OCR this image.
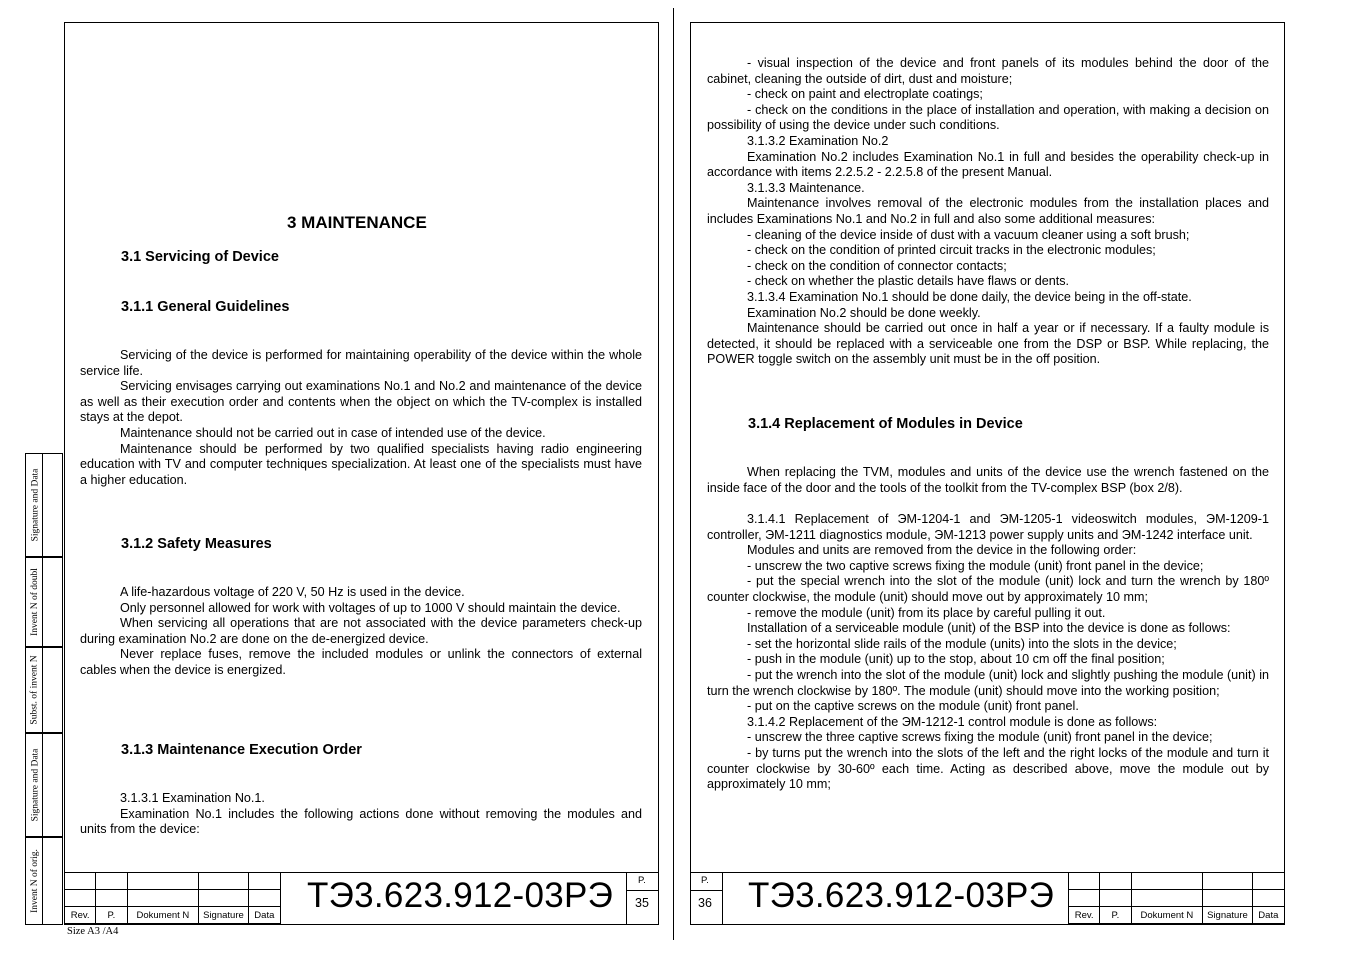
Signature and Data
Invent N of doubl
Subst. of invent N
Signature and Data
Invent N of orig.
3 MAINTENANCE
3.1 Servicing of Device
3.1.1 General Guidelines

Servicing of the device is performed for maintaining operability of the device within the whole service life.

Servicing envisages carrying out examinations No.1 and No.2 and maintenance of the device as well as their execution order and contents when the object on which the TV-complex is installed stays at the depot.

Maintenance should not be carried out in case of intended use of the device.

Maintenance should be performed by two qualified specialists having radio engineering education with TV and computer techniques specialization. At least one of the specialists must have a higher education.

3.1.2 Safety Measures

A life-hazardous voltage of 220 V, 50 Hz is used in the device.

Only personnel allowed for work with voltages of up to 1000 V should maintain the device.

When servicing all operations that are not associated with the device parameters check-up during examination No.2 are done on the de-energized device.

Never replace fuses, remove the included modules or unlink the connectors of external cables when the device is energized.

3.1.3 Maintenance Execution Order

3.1.3.1 Examination No.1.

Examination No.1 includes the following actions done without removing the modules and units from the device:

Rev.	P.	Dokument N	Signature	Data ТЭ3.623.912-03РЭ	P.
35

- visual inspection of the device and front panels of its modules behind the door of the cabinet, cleaning the outside of dirt, dust and moisture;

- check on paint and electroplate coatings;

- check on the conditions in the place of installation and operation, with making a decision on possibility of using the device under such conditions.

3.1.3.2 Examination No.2

Examination No.2 includes Examination No.1 in full and besides the operability check-up in accordance with items 2.2.5.2 - 2.2.5.8 of the present Manual.

3.1.3.3 Maintenance.

Maintenance involves removal of the electronic modules from the installation places and includes Examinations No.1 and No.2 in full and also some additional measures:

- cleaning of the device inside of dust with a vacuum cleaner using a soft brush;

- check on the condition of printed circuit tracks in the electronic modules;

- check on the condition of connector contacts;

- check on whether the plastic details have flaws or dents.

3.1.3.4 Examination No.1 should be done daily, the device being in the off-state.

Examination No.2 should be done weekly.

Maintenance should be carried out once in half a year or if necessary. If a faulty module is detected, it should be replaced with a serviceable one from the DSP or BSP. While replacing, the POWER toggle switch on the assembly unit must be in the off position.

3.1.4 Replacement of Modules in Device

When replacing the TVM, modules and units of the device use the wrench fastened on the inside face of the door and the tools of the toolkit from the TV-complex BSP (box 2/8).

3.1.4.1 Replacement of ЭМ-1204-1 and ЭМ-1205-1 videoswitch modules, ЭМ-1209-1 controller, ЭМ-1211 diagnostics module, ЭМ-1213 power supply units and ЭМ-1242 interface unit.

Modules and units are removed from the device in the following order:

- unscrew the two captive screws fixing the module (unit) front panel in the device;

- put the special wrench into the slot of the module (unit) lock and turn the wrench by 180º counter clockwise, the module (unit) should move out by approximately 10 mm;

- remove the module (unit) from its place by careful pulling it out.

Installation of a serviceable module (unit) of the BSP into the device is done as follows:

- set the horizontal slide rails of the module (units) into the slots in the device;

- push in the module (unit) up to the stop, about 10 cm off the final position;

- put the wrench into the slot of the module (unit) lock and slightly pushing the module (unit) in turn the wrench clockwise by 180º. The module (unit) should move into the working position;

- put on the captive screws on the module (unit) front panel.

3.1.4.2 Replacement of the ЭМ-1212-1 control module is done as follows:

- unscrew the three captive screws fixing the module (unit) front panel in the device;

- by turns put the wrench into the slots of the left and the right locks of the module and turn it counter clockwise by 30-60º each time. Acting as described above, move the module out by approximately 10 mm;

P.
36 ТЭ3.623.912-03РЭ

				Rev.	P.	Dokument N	Signature	Data
Size A3 /A4
